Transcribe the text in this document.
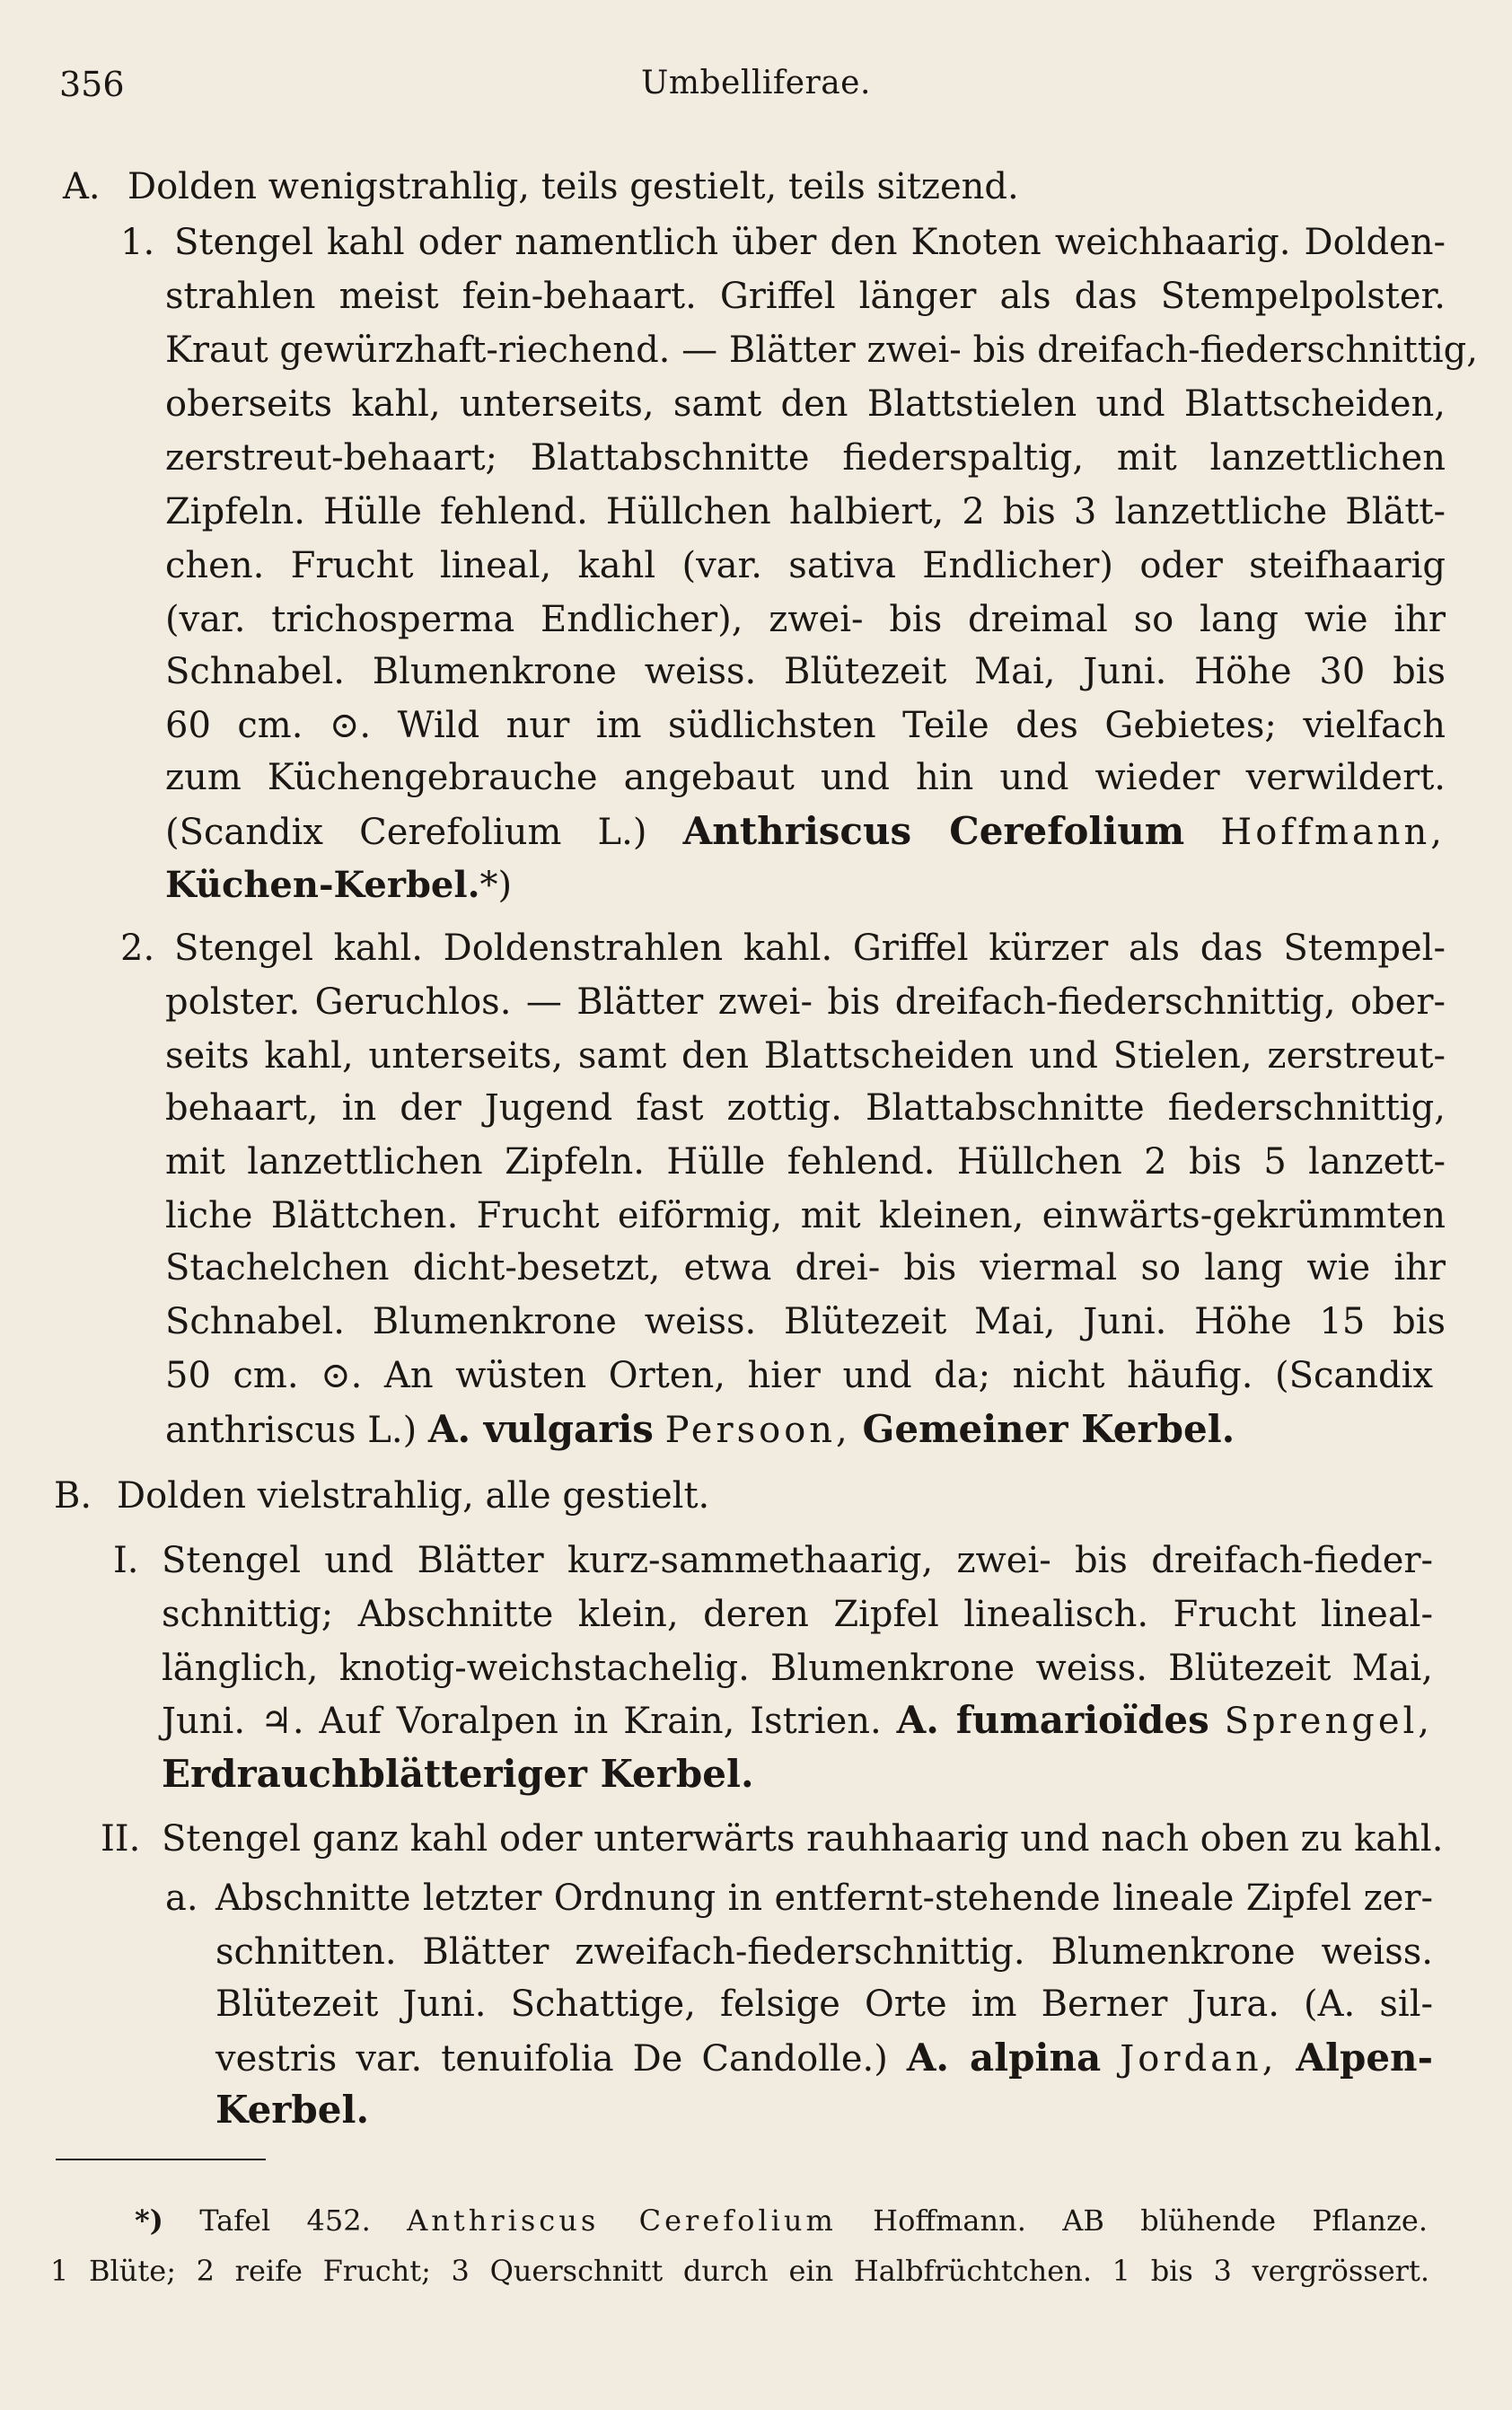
356	Umbelliferae.
A. Dolden wenigstrahlig, teils gestielt, teils sitzend.
1. Stengel kahl oder namentlich über den Knoten weichhaarig. Dolden-
strahlen meist fein-behaart. Griffel länger als das Stempelpolster.
Kraut gewürzhaft-riechend. — Blätter zwei- bis dreifach-fiederschnittig,
oberseits kahl, unterseits, samt den Blattstielen und Blattscheiden,
zerstreut-behaart; Blattabschnitte fiederspaltig, mit lanzettlichen
Zipfeln. Hülle fehlend. Hüllchen halbiert, 2 bis 3 lanzettliche Blätt-
chen. Frucht lineal, kahl (var. sativa Endlicher) oder steifhaarig
(var. trichosperma Endlicher), zwei- bis dreimal so lang wie ihr
Schnabel. Blumenkrone weiss. Blütezeit Mai, Juni. Höhe 30 bis
60 cm. ⊙. Wild nur im südlichsten Teile des Gebietes; vielfach
zum Küchengebrauche angebaut und hin und wieder verwildert.
(Scandix Cerefolium L.) Anthriscus Cerefolium Hoffmann,
Küchen-Kerbel.*)
2. Stengel kahl. Doldenstrahlen kahl. Griffel kürzer als das Stempel-
polster. Geruchlos. — Blätter zwei- bis dreifach-fiederschnittig, ober-
seits kahl, unterseits, samt den Blattscheiden und Stielen, zerstreut-
behaart, in der Jugend fast zottig. Blattabschnitte fiederschnittig,
mit lanzettlichen Zipfeln. Hülle fehlend. Hüllchen 2 bis 5 lanzett-
liche Blättchen. Frucht eiförmig, mit kleinen, einwärts-gekrümmten
Stachelchen dicht-besetzt, etwa drei- bis viermal so lang wie ihr
Schnabel. Blumenkrone weiss. Blütezeit Mai, Juni. Höhe 15 bis
50 cm. ⊙. An wüsten Orten, hier und da; nicht häufig. (Scandix
anthriscus L.) A. vulgaris Persoon, Gemeiner Kerbel.
B. Dolden vielstrahlig, alle gestielt.
I. Stengel und Blätter kurz-sammethaarig, zwei- bis dreifach-fieder-
schnittig; Abschnitte klein, deren Zipfel linealisch. Frucht lineal-
länglich, knotig-weichstachelig. Blumenkrone weiss. Blütezeit Mai,
Juni. ♃. Auf Voralpen in Krain, Istrien. A. fumarioïdes Sprengel,
Erdrauchblätteriger Kerbel.
II. Stengel ganz kahl oder unterwärts rauhhaarig und nach oben zu kahl.
a. Abschnitte letzter Ordnung in entfernt-stehende lineale Zipfel zer-
schnitten. Blätter zweifach-fiederschnittig. Blumenkrone weiss.
Blütezeit Juni. Schattige, felsige Orte im Berner Jura. (A. sil-
vestris var. tenuifolia De Candolle.) A. alpina Jordan, Alpen-
Kerbel.
*) Tafel 452. Anthriscus Cerefolium Hoffmann. AB blühende Pflanze.
1 Blüte; 2 reife Frucht; 3 Querschnitt durch ein Halbfrüchtchen. 1 bis 3 vergrössert.
